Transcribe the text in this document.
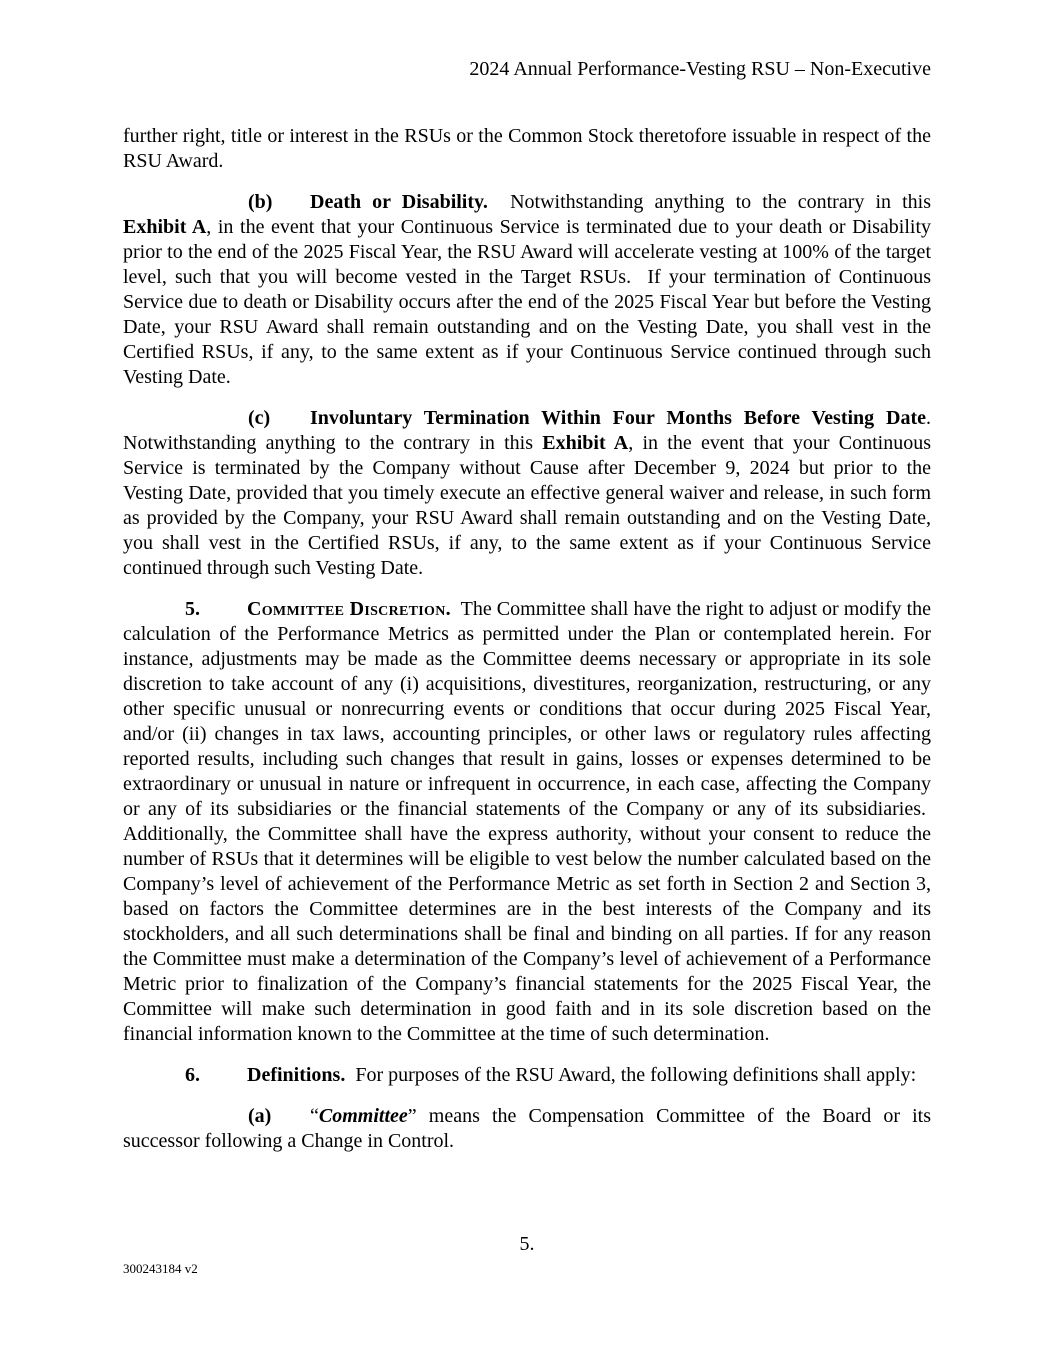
2024 Annual Performance-Vesting RSU – Non-Executive

further right, title or interest in the RSUs or the Common Stock theretofore issuable in respect of the RSU Award.

(b) Death or Disability.  Notwithstanding anything to the contrary in this Exhibit A, in the event that your Continuous Service is terminated due to your death or Disability prior to the end of the 2025 Fiscal Year, the RSU Award will accelerate vesting at 100% of the target level, such that you will become vested in the Target RSUs.  If your termination of Continuous Service due to death or Disability occurs after the end of the 2025 Fiscal Year but before the Vesting Date, your RSU Award shall remain outstanding and on the Vesting Date, you shall vest in the Certified RSUs, if any, to the same extent as if your Continuous Service continued through such Vesting Date.

(c) Involuntary Termination Within Four Months Before Vesting Date. Notwithstanding anything to the contrary in this Exhibit A, in the event that your Continuous Service is terminated by the Company without Cause after December 9, 2024 but prior to the Vesting Date, provided that you timely execute an effective general waiver and release, in such form as provided by the Company, your RSU Award shall remain outstanding and on the Vesting Date, you shall vest in the Certified RSUs, if any, to the same extent as if your Continuous Service continued through such Vesting Date.

5. Committee Discretion.  The Committee shall have the right to adjust or modify the calculation of the Performance Metrics as permitted under the Plan or contemplated herein. For instance, adjustments may be made as the Committee deems necessary or appropriate in its sole discretion to take account of any (i) acquisitions, divestitures, reorganization, restructuring, or any other specific unusual or nonrecurring events or conditions that occur during 2025 Fiscal Year, and/or (ii) changes in tax laws, accounting principles, or other laws or regulatory rules affecting reported results, including such changes that result in gains, losses or expenses determined to be extraordinary or unusual in nature or infrequent in occurrence, in each case, affecting the Company or any of its subsidiaries or the financial statements of the Company or any of its subsidiaries.  Additionally, the Committee shall have the express authority, without your consent to reduce the number of RSUs that it determines will be eligible to vest below the number calculated based on the Company’s level of achievement of the Performance Metric as set forth in Section 2 and Section 3, based on factors the Committee determines are in the best interests of the Company and its stockholders, and all such determinations shall be final and binding on all parties. If for any reason the Committee must make a determination of the Company’s level of achievement of a Performance Metric prior to finalization of the Company’s financial statements for the 2025 Fiscal Year, the Committee will make such determination in good faith and in its sole discretion based on the financial information known to the Committee at the time of such determination.

6. Definitions.  For purposes of the RSU Award, the following definitions shall apply:

(a) “Committee” means the Compensation Committee of the Board or its successor following a Change in Control.

5.
300243184 v2
